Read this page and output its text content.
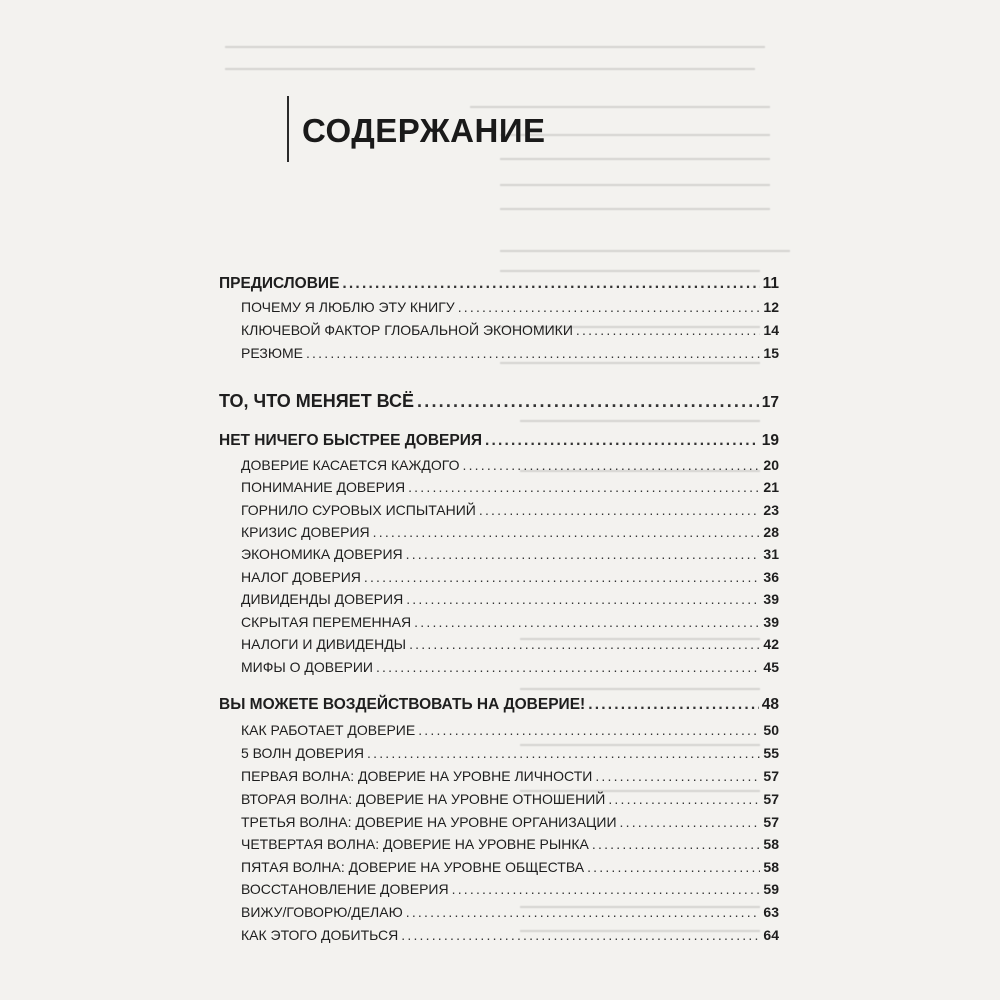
СОДЕРЖАНИЕ
ПРЕДИСЛОВИЕ .....	11
ПОЧЕМУ Я ЛЮБЛЮ ЭТУ КНИГУ .....	12
КЛЮЧЕВОЙ ФАКТОР ГЛОБАЛЬНОЙ ЭКОНОМИКИ .....	14
РЕЗЮМЕ .....	15
ТО, ЧТО МЕНЯЕТ ВСЁ .....	17
НЕТ НИЧЕГО БЫСТРЕЕ ДОВЕРИЯ .....	19
ДОВЕРИЕ КАСАЕТСЯ КАЖДОГО .....	20
ПОНИМАНИЕ ДОВЕРИЯ .....	21
ГОРНИЛО СУРОВЫХ ИСПЫТАНИЙ .....	23
КРИЗИС ДОВЕРИЯ .....	28
ЭКОНОМИКА ДОВЕРИЯ .....	31
НАЛОГ ДОВЕРИЯ .....	36
ДИВИДЕНДЫ ДОВЕРИЯ .....	39
СКРЫТАЯ ПЕРЕМЕННАЯ .....	39
НАЛОГИ И ДИВИДЕНДЫ .....	42
МИФЫ О ДОВЕРИИ .....	45
ВЫ МОЖЕТЕ ВОЗДЕЙСТВОВАТЬ НА ДОВЕРИЕ! .....	48
КАК РАБОТАЕТ ДОВЕРИЕ .....	50
5 ВОЛН ДОВЕРИЯ .....	55
ПЕРВАЯ ВОЛНА: ДОВЕРИЕ НА УРОВНЕ ЛИЧНОСТИ .....	57
ВТОРАЯ ВОЛНА: ДОВЕРИЕ НА УРОВНЕ ОТНОШЕНИЙ .....	57
ТРЕТЬЯ ВОЛНА: ДОВЕРИЕ НА УРОВНЕ ОРГАНИЗАЦИИ .....	57
ЧЕТВЕРТАЯ ВОЛНА: ДОВЕРИЕ НА УРОВНЕ РЫНКА .....	58
ПЯТАЯ ВОЛНА: ДОВЕРИЕ НА УРОВНЕ ОБЩЕСТВА .....	58
ВОССТАНОВЛЕНИЕ ДОВЕРИЯ .....	59
ВИЖУ/ГОВОРЮ/ДЕЛАЮ .....	63
КАК ЭТОГО ДОБИТЬСЯ .....	64
